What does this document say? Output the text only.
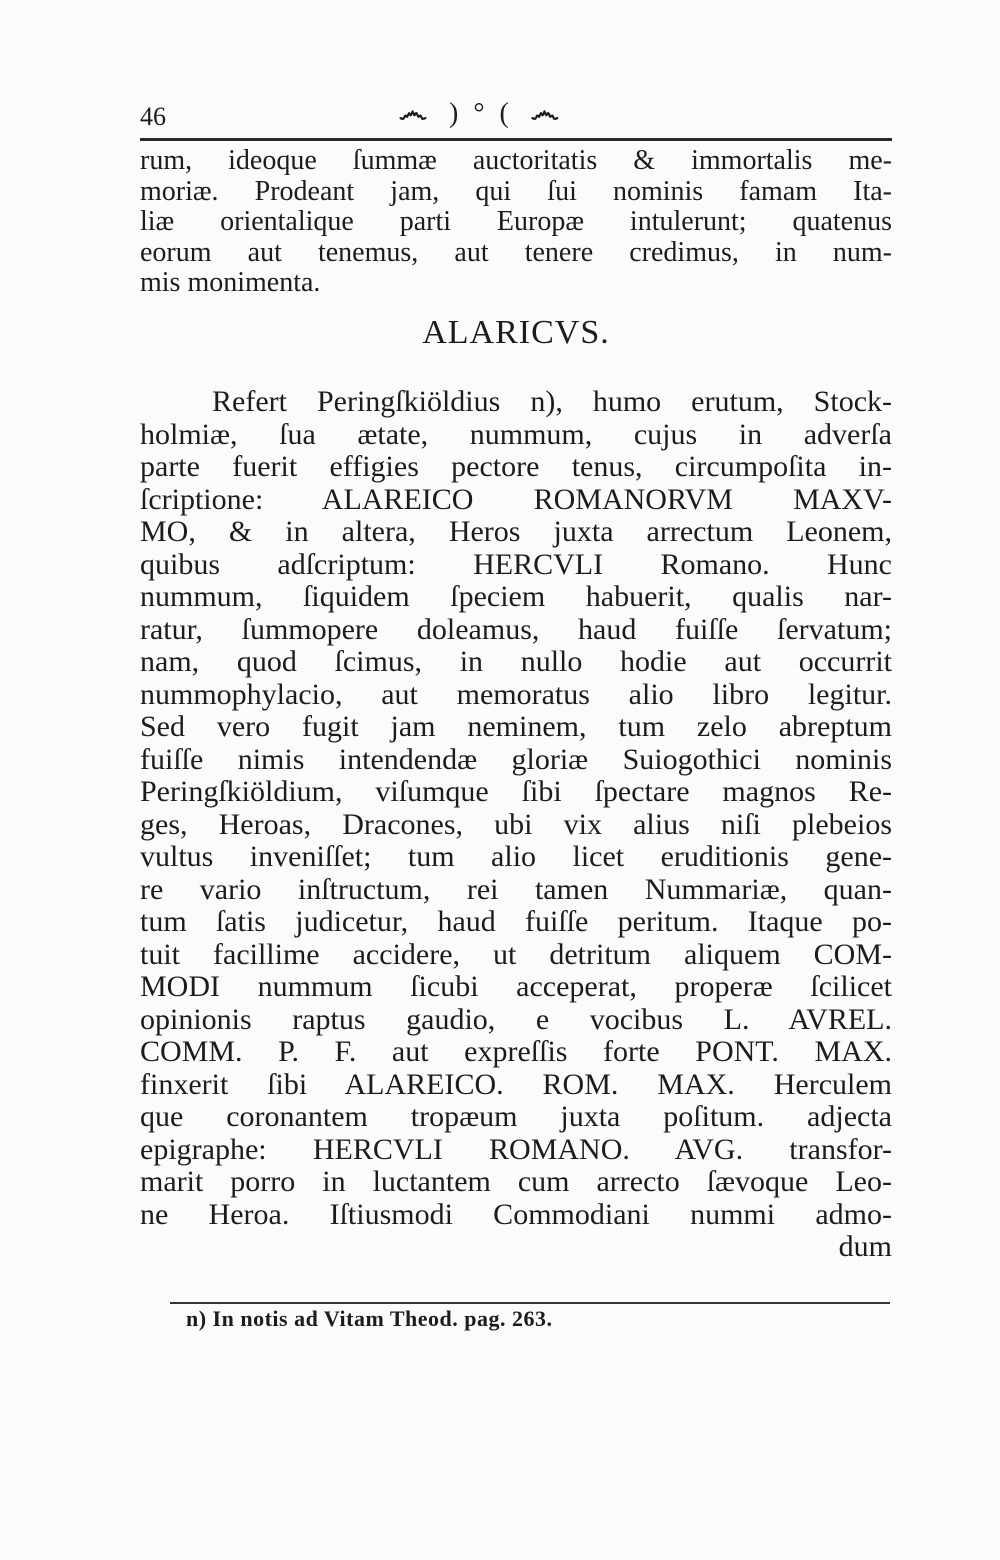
46	෴ ) ° ( ෴
rum, ideoque ſummæ auctoritatis & immortalis me-
moriæ. Prodeant jam, qui ſui nominis famam Ita-
liæ orientalique parti Europæ intulerunt; quatenus
eorum aut tenemus, aut tenere credimus, in num-
mis monimenta.
ALARICVS.
Refert Peringſkiöldius n), humo erutum, Stock-
holmiæ, ſua ætate, nummum, cujus in adverſa
parte fuerit effigies pectore tenus, circumpoſita in-
ſcriptione: ALAREICO ROMANORVM MAXV-
MO, & in altera, Heros juxta arrectum Leonem,
quibus adſcriptum: HERCVLI Romano. Hunc
nummum, ſiquidem ſpeciem habuerit, qualis nar-
ratur, ſummopere doleamus, haud fuiſſe ſervatum;
nam, quod ſcimus, in nullo hodie aut occurrit
nummophylacio, aut memoratus alio libro legitur.
Sed vero fugit jam neminem, tum zelo abreptum
fuiſſe nimis intendendæ gloriæ Suiogothici nominis
Peringſkiöldium, viſumque ſibi ſpectare magnos Re-
ges, Heroas, Dracones, ubi vix alius niſi plebeios
vultus inveniſſet; tum alio licet eruditionis gene-
re vario inſtructum, rei tamen Nummariæ, quan-
tum ſatis judicetur, haud fuiſſe peritum. Itaque po-
tuit facillime accidere, ut detritum aliquem COM-
MODI nummum ſicubi acceperat, properæ ſcilicet
opinionis raptus gaudio, e vocibus L. AVREL.
COMM. P. F. aut expreſſis forte PONT. MAX.
finxerit ſibi ALAREICO. ROM. MAX. Herculem
que coronantem tropæum juxta poſitum. adjecta
epigraphe: HERCVLI ROMANO. AVG. transfor-
marit porro in luctantem cum arrecto ſævoque Leo-
ne Heroa. Iſtiusmodi Commodiani nummi admo-
dum
n) In notis ad Vitam Theod. pag. 263.
